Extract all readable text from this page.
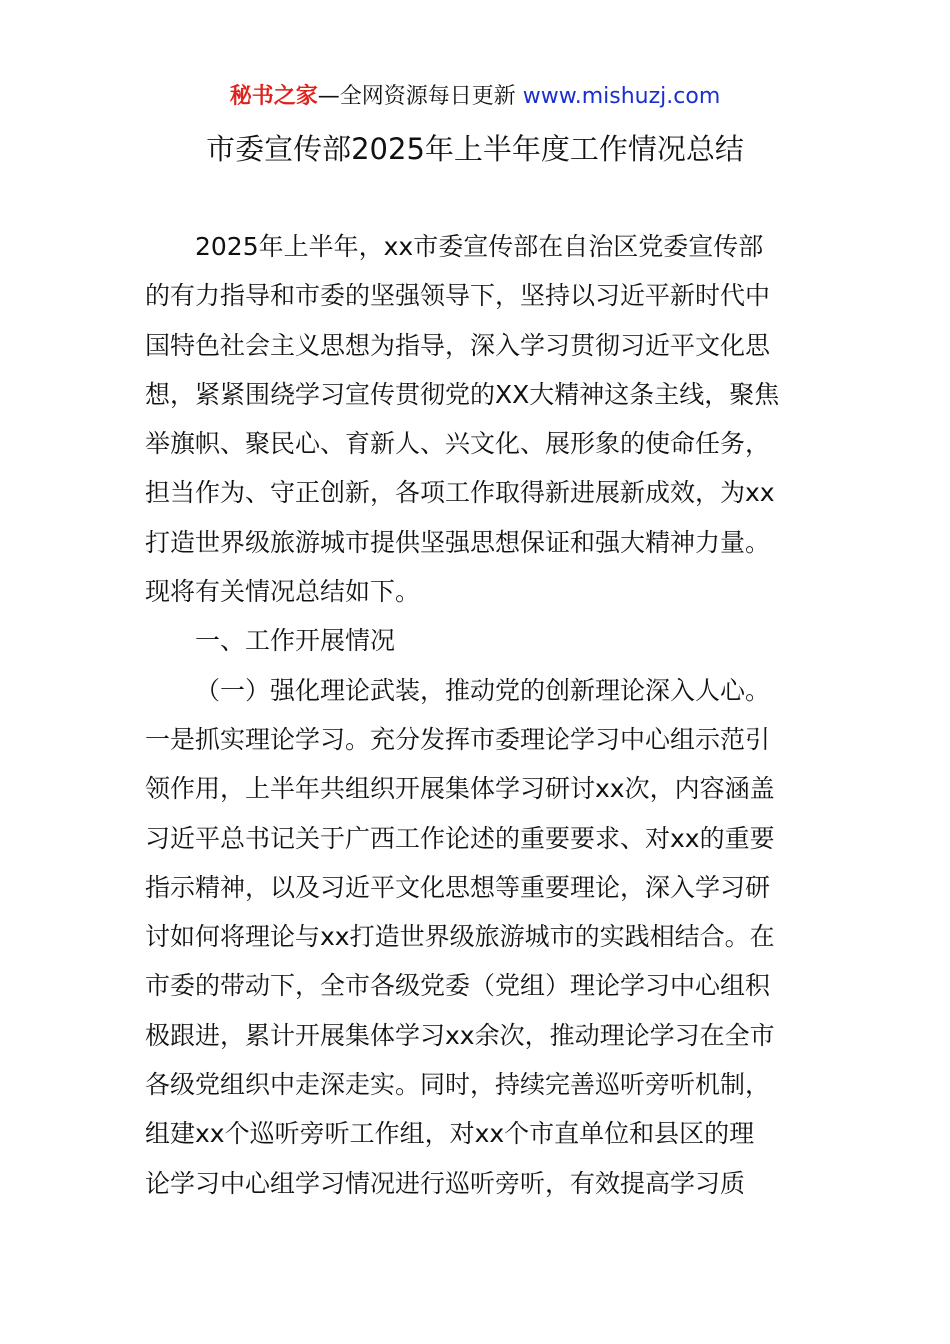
秘书之家—全网资源每日更新 www.mishuzj.com
市委宣传部2025年上半年度工作情况总结
2025年上半年，xx市委宣传部在自治区党委宣传部
的有力指导和市委的坚强领导下，坚持以习近平新时代中
国特色社会主义思想为指导，深入学习贯彻习近平文化思
想，紧紧围绕学习宣传贯彻党的XX大精神这条主线，聚焦
举旗帜、聚民心、育新人、兴文化、展形象的使命任务，
担当作为、守正创新，各项工作取得新进展新成效，为xx
打造世界级旅游城市提供坚强思想保证和强大精神力量。
现将有关情况总结如下。
一、工作开展情况
（一）强化理论武装，推动党的创新理论深入人心。
一是抓实理论学习。充分发挥市委理论学习中心组示范引
领作用，上半年共组织开展集体学习研讨xx次，内容涵盖
习近平总书记关于广西工作论述的重要要求、对xx的重要
指示精神，以及习近平文化思想等重要理论，深入学习研
讨如何将理论与xx打造世界级旅游城市的实践相结合。在
市委的带动下，全市各级党委（党组）理论学习中心组积
极跟进，累计开展集体学习xx余次，推动理论学习在全市
各级党组织中走深走实。同时，持续完善巡听旁听机制，
组建xx个巡听旁听工作组，对xx个市直单位和县区的理
论学习中心组学习情况进行巡听旁听，有效提高学习质
